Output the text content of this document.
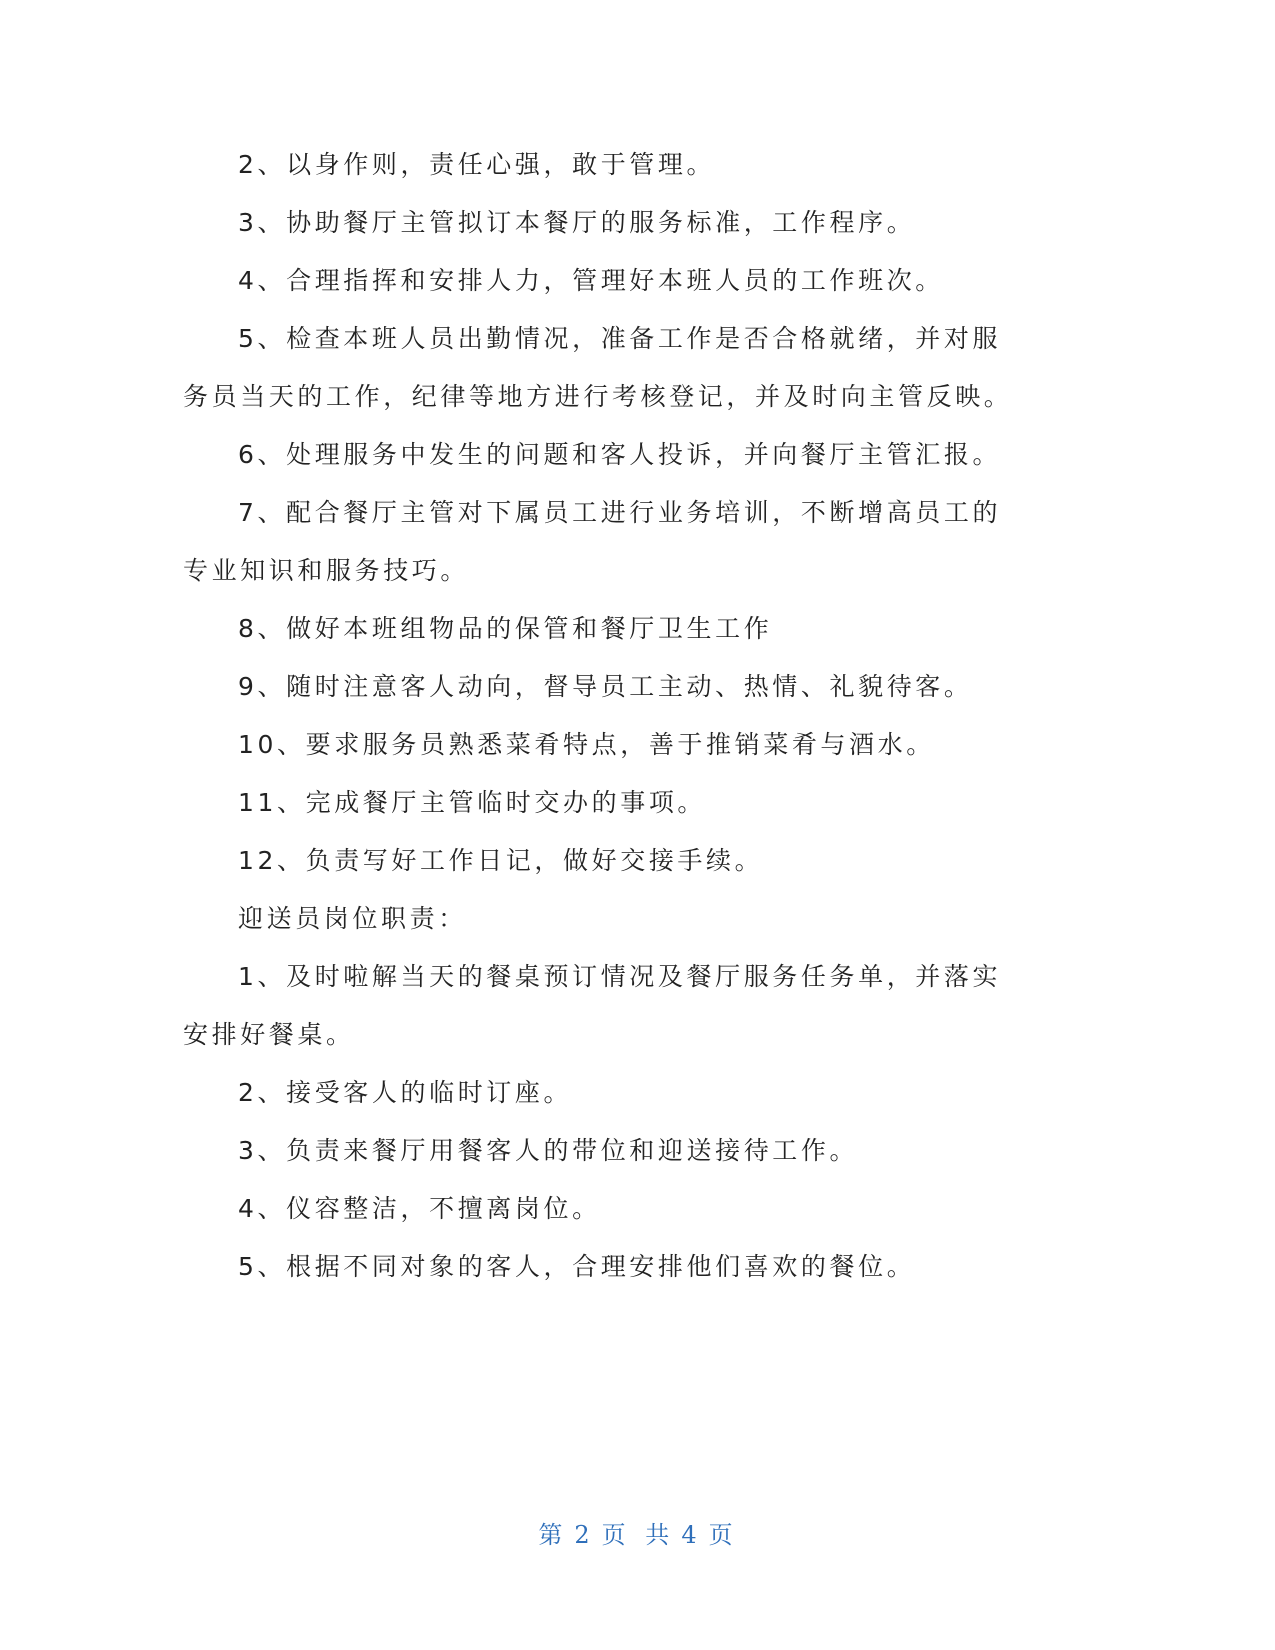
2、以身作则，责任心强，敢于管理。

3、协助餐厅主管拟订本餐厅的服务标准，工作程序。

4、合理指挥和安排人力，管理好本班人员的工作班次。

5、检查本班人员出勤情况，准备工作是否合格就绪，并对服务员当天的工作，纪律等地方进行考核登记，并及时向主管反映。

6、处理服务中发生的问题和客人投诉，并向餐厅主管汇报。

7、配合餐厅主管对下属员工进行业务培训，不断增高员工的专业知识和服务技巧。

8、做好本班组物品的保管和餐厅卫生工作

9、随时注意客人动向，督导员工主动、热情、礼貌待客。

10、要求服务员熟悉菜肴特点，善于推销菜肴与酒水。

11、完成餐厅主管临时交办的事项。

12、负责写好工作日记，做好交接手续。

迎送员岗位职责：

1、及时啦解当天的餐桌预订情况及餐厅服务任务单，并落实安排好餐桌。

2、接受客人的临时订座。

3、负责来餐厅用餐客人的带位和迎送接待工作。

4、仪容整洁，不擅离岗位。

5、根据不同对象的客人，合理安排他们喜欢的餐位。

第 2 页 共 4 页
